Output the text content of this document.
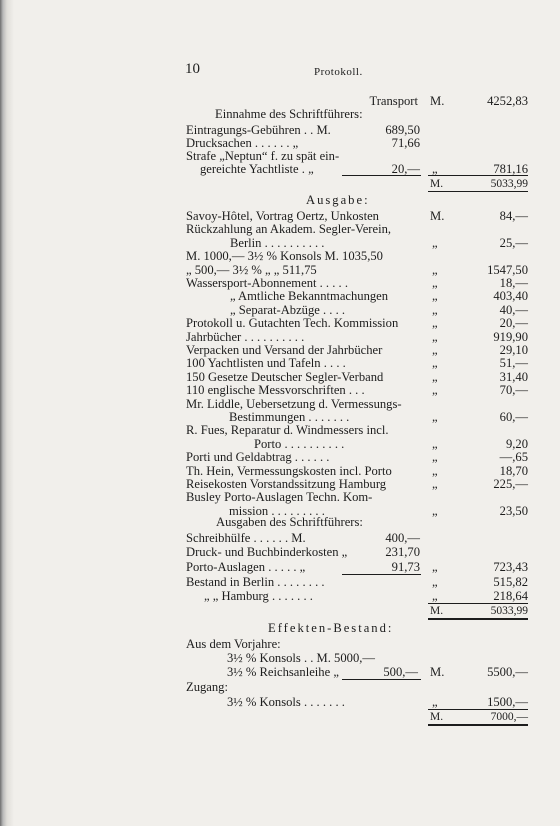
10	Protokoll.
Transport M.	4252,83
Einnahme des Schriftführers:
Eintragungs-Gebühren . . M.	689,50
Drucksachen . . . . . . „	71,66
Strafe „Neptun“ f. zu spät ein-
gereichte Yachtliste . „	20,— „	781,16
M.	5033,99
Ausgabe:
Savoy-Hôtel, Vortrag Oertz, Unkosten	M.	84,—
Rückzahlung an Akadem. Segler-Verein,
Berlin . . . . . . . . . .	„	25,—
M. 1000,— 3½ % Konsols M. 1035,50
„ 500,— 3½ % „ „ 511,75	„	1547,50
Wassersport-Abonnement . . . . .	„	18,—
„ Amtliche Bekanntmachungen	„	403,40
„ Separat-Abzüge . . . .	„	40,—
Protokoll u. Gutachten Tech. Kommission	„	20,—
Jahrbücher . . . . . . . . . .	„	919,90
Verpacken und Versand der Jahrbücher	„	29,10
100 Yachtlisten und Tafeln . . . .	„	51,—
150 Gesetze Deutscher Segler-Verband	„	31,40
110 englische Messvorschriften . . .	„	70,—
Mr. Liddle, Uebersetzung d. Vermessungs-
Bestimmungen . . . . . . .	„	60,—
R. Fues, Reparatur d. Windmessers incl.
Porto . . . . . . . . . .	„	9,20
Porti und Geldabtrag . . . . . .	„	—,65
Th. Hein, Vermessungskosten incl. Porto	„	18,70
Reisekosten Vorstandssitzung Hamburg	„	225,—
Busley Porto-Auslagen Techn. Kom-
mission . . . . . . . . .	„	23,50
Ausgaben des Schriftführers:
Schreibhülfe . . . . . . M.	400,—
Druck- und Buchbinderkosten „	231,70
Porto-Auslagen . . . . . „	91,73 „	723,43
Bestand in Berlin . . . . . . . .	„	515,82
„ „ Hamburg . . . . . . .	„	218,64
M.	5033,99
Effekten-Bestand:
Aus dem Vorjahre:
3½ % Konsols . . M. 5000,—
3½ % Reichsanleihe „	500,— M.	5500,—
Zugang:
3½ % Konsols . . . . . . .	„	1500,—
M.	7000,—
